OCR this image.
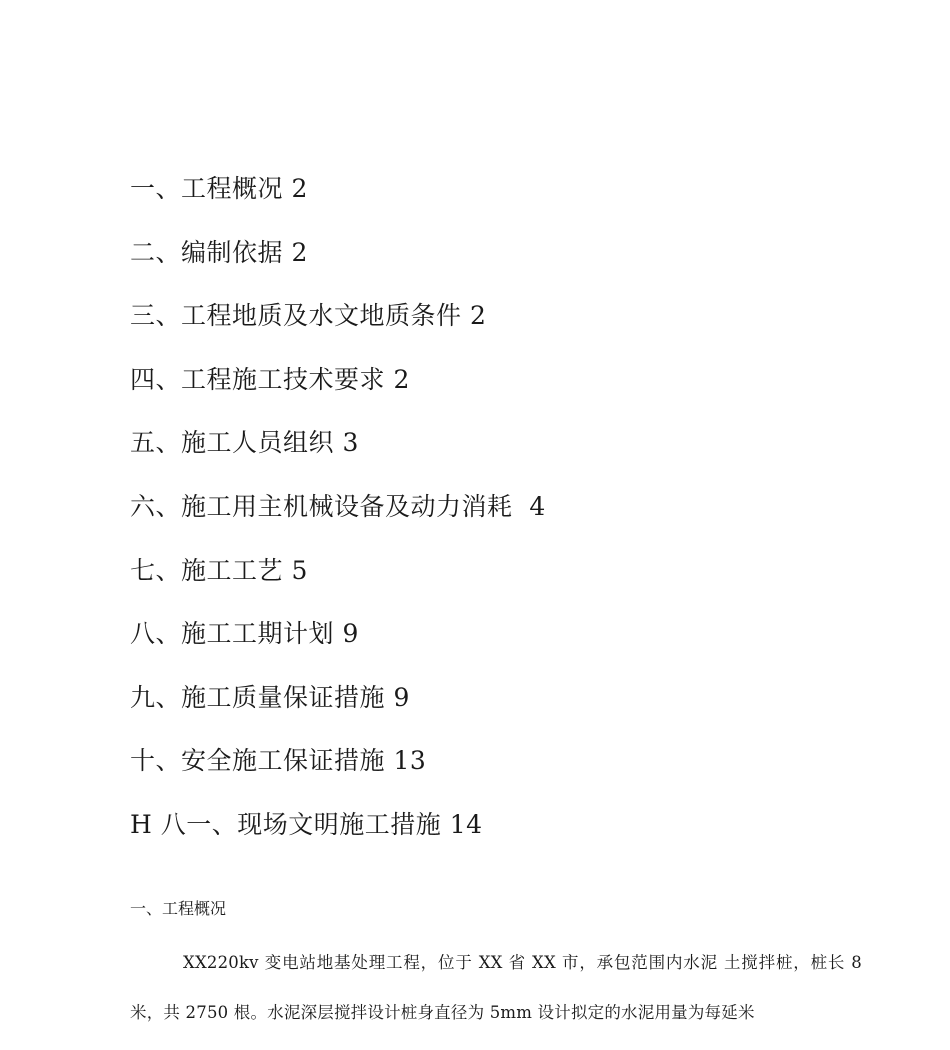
一、工程概况 2
二、编制依据 2
三、工程地质及水文地质条件 2
四、工程施工技术要求 2
五、施工人员组织 3
六、施工用主机械设备及动力消耗  4
七、施工工艺 5
八、施工工期计划 9
九、施工质量保证措施 9
十、安全施工保证措施 13
H 八一、现场文明施工措施 14
一、工程概况
XX220kv 变电站地基处理工程，位于 XX 省 XX 市，承包范围内水泥 土搅拌桩，桩长 8 米，共 2750 根。水泥深层搅拌设计桩身直径为 5mm 设计拟定的水泥用量为每延米
